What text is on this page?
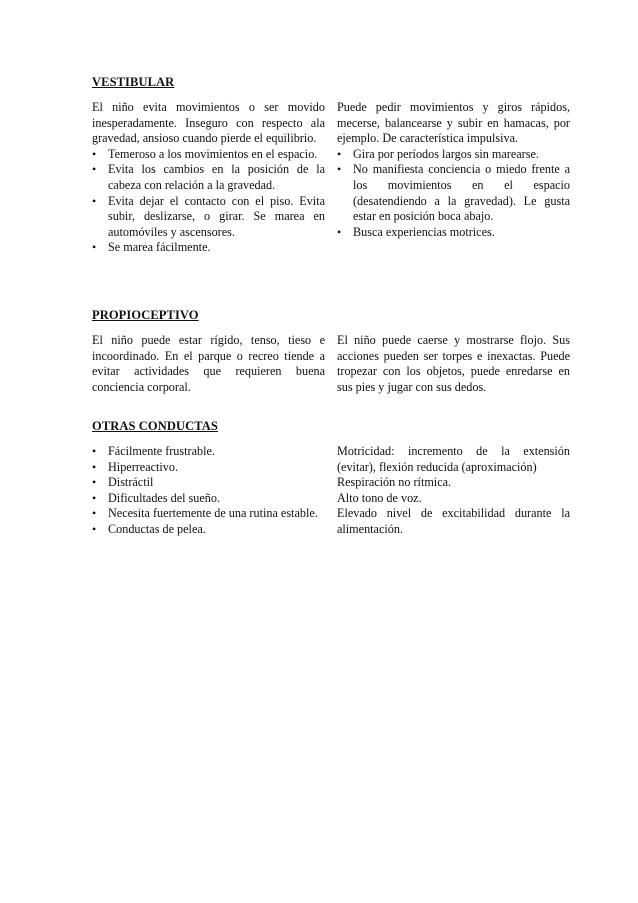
VESTIBULAR

El niño evita movimientos o ser movido inesperadamente. Inseguro con respecto ala gravedad, ansioso cuando pierde el equilibrio.

•
Temeroso a los movimientos en el espacio.
•
Evita los cambios en la posición de la cabeza con relación a la gravedad.
•
Evita dejar el contacto con el piso. Evita subir, deslizarse, o girar. Se marea en automóviles y ascensores.
•
Se marea fácilmente.

Puede pedir movimientos y giros rápidos, mecerse, balancearse y subir en hamacas, por ejemplo. De característica impulsiva.

•
Gira por períodos largos sin marearse.
•
No manifiesta conciencia o miedo frente a los movimientos en el espacio (desatendiendo a la gravedad). Le gusta estar en posición boca abajo.
•
Busca experiencias motrices.
PROPIOCEPTIVO

El niño puede estar rígido, tenso, tieso e incoordinado. En el parque o recreo tiende a evitar actividades que requieren buena conciencia corporal.

El niño puede caerse y mostrarse flojo. Sus acciones pueden ser torpes e inexactas. Puede tropezar con los objetos, puede enredarse en sus pies y jugar con sus dedos.

OTRAS CONDUCTAS
•
Fácilmente frustrable.
•
Hiperreactivo.
•
Distráctil
•
Dificultades del sueño.
•
Necesita fuertemente de una rutina estable.
•
Conductas de pelea.

Motricidad: incremento de la extensión (evitar), flexión reducida (aproximación)

Respiración no rítmica.

Alto tono de voz.

Elevado nivel de excitabilidad durante la alimentación.
